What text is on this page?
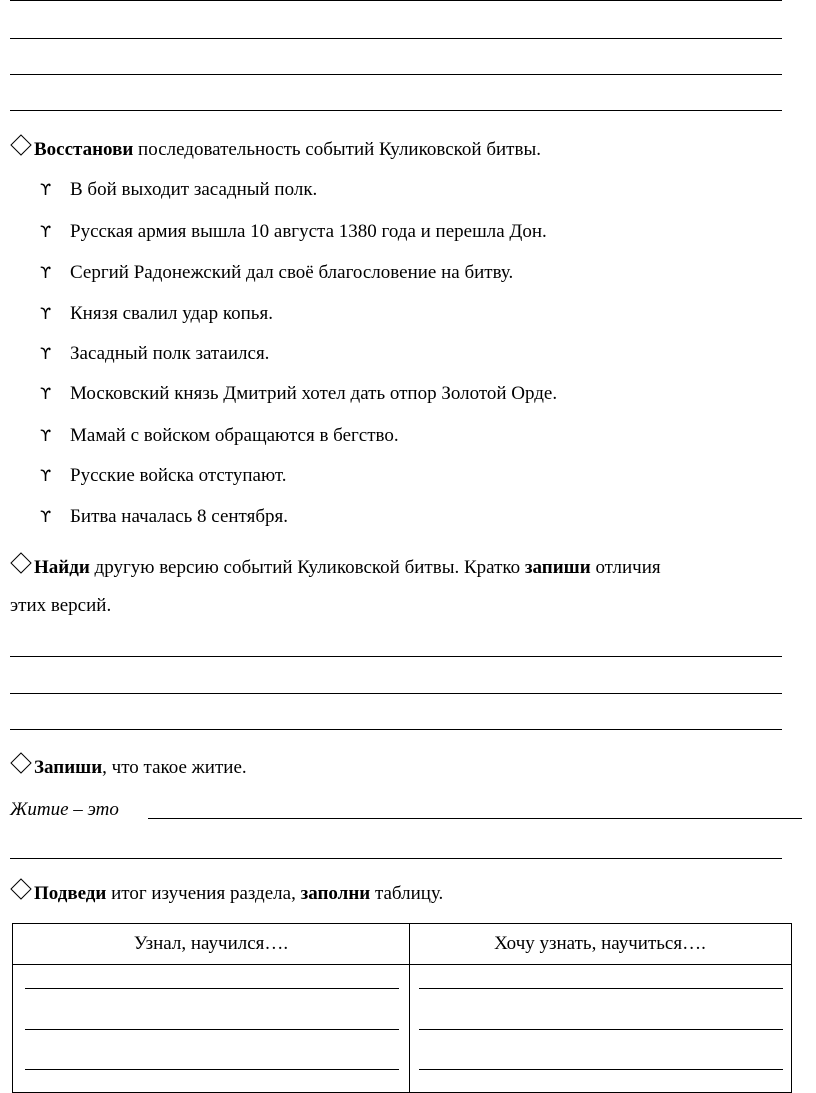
Восстанови последовательность событий Куликовской битвы.
ϒ В бой выходит засадный полк.
ϒ Русская армия вышла 10 августа 1380 года и перешла Дон.
ϒ Сергий Радонежский дал своё благословение на битву.
ϒ Князя свалил удар копья.
ϒ Засадный полк затаился.
ϒ Московский князь Дмитрий хотел дать отпор Золотой Орде.
ϒ Мамай с войском обращаются в бегство.
ϒ Русские войска отступают.
ϒ Битва началась 8 сентября.
Найди другую версию событий Куликовской битвы. Кратко запиши отличия
этих версий.
Запиши, что такое житие.
Житие – это
Подведи итог изучения раздела, заполни таблицу.
Узнал, научился….	Хочу узнать, научиться….
